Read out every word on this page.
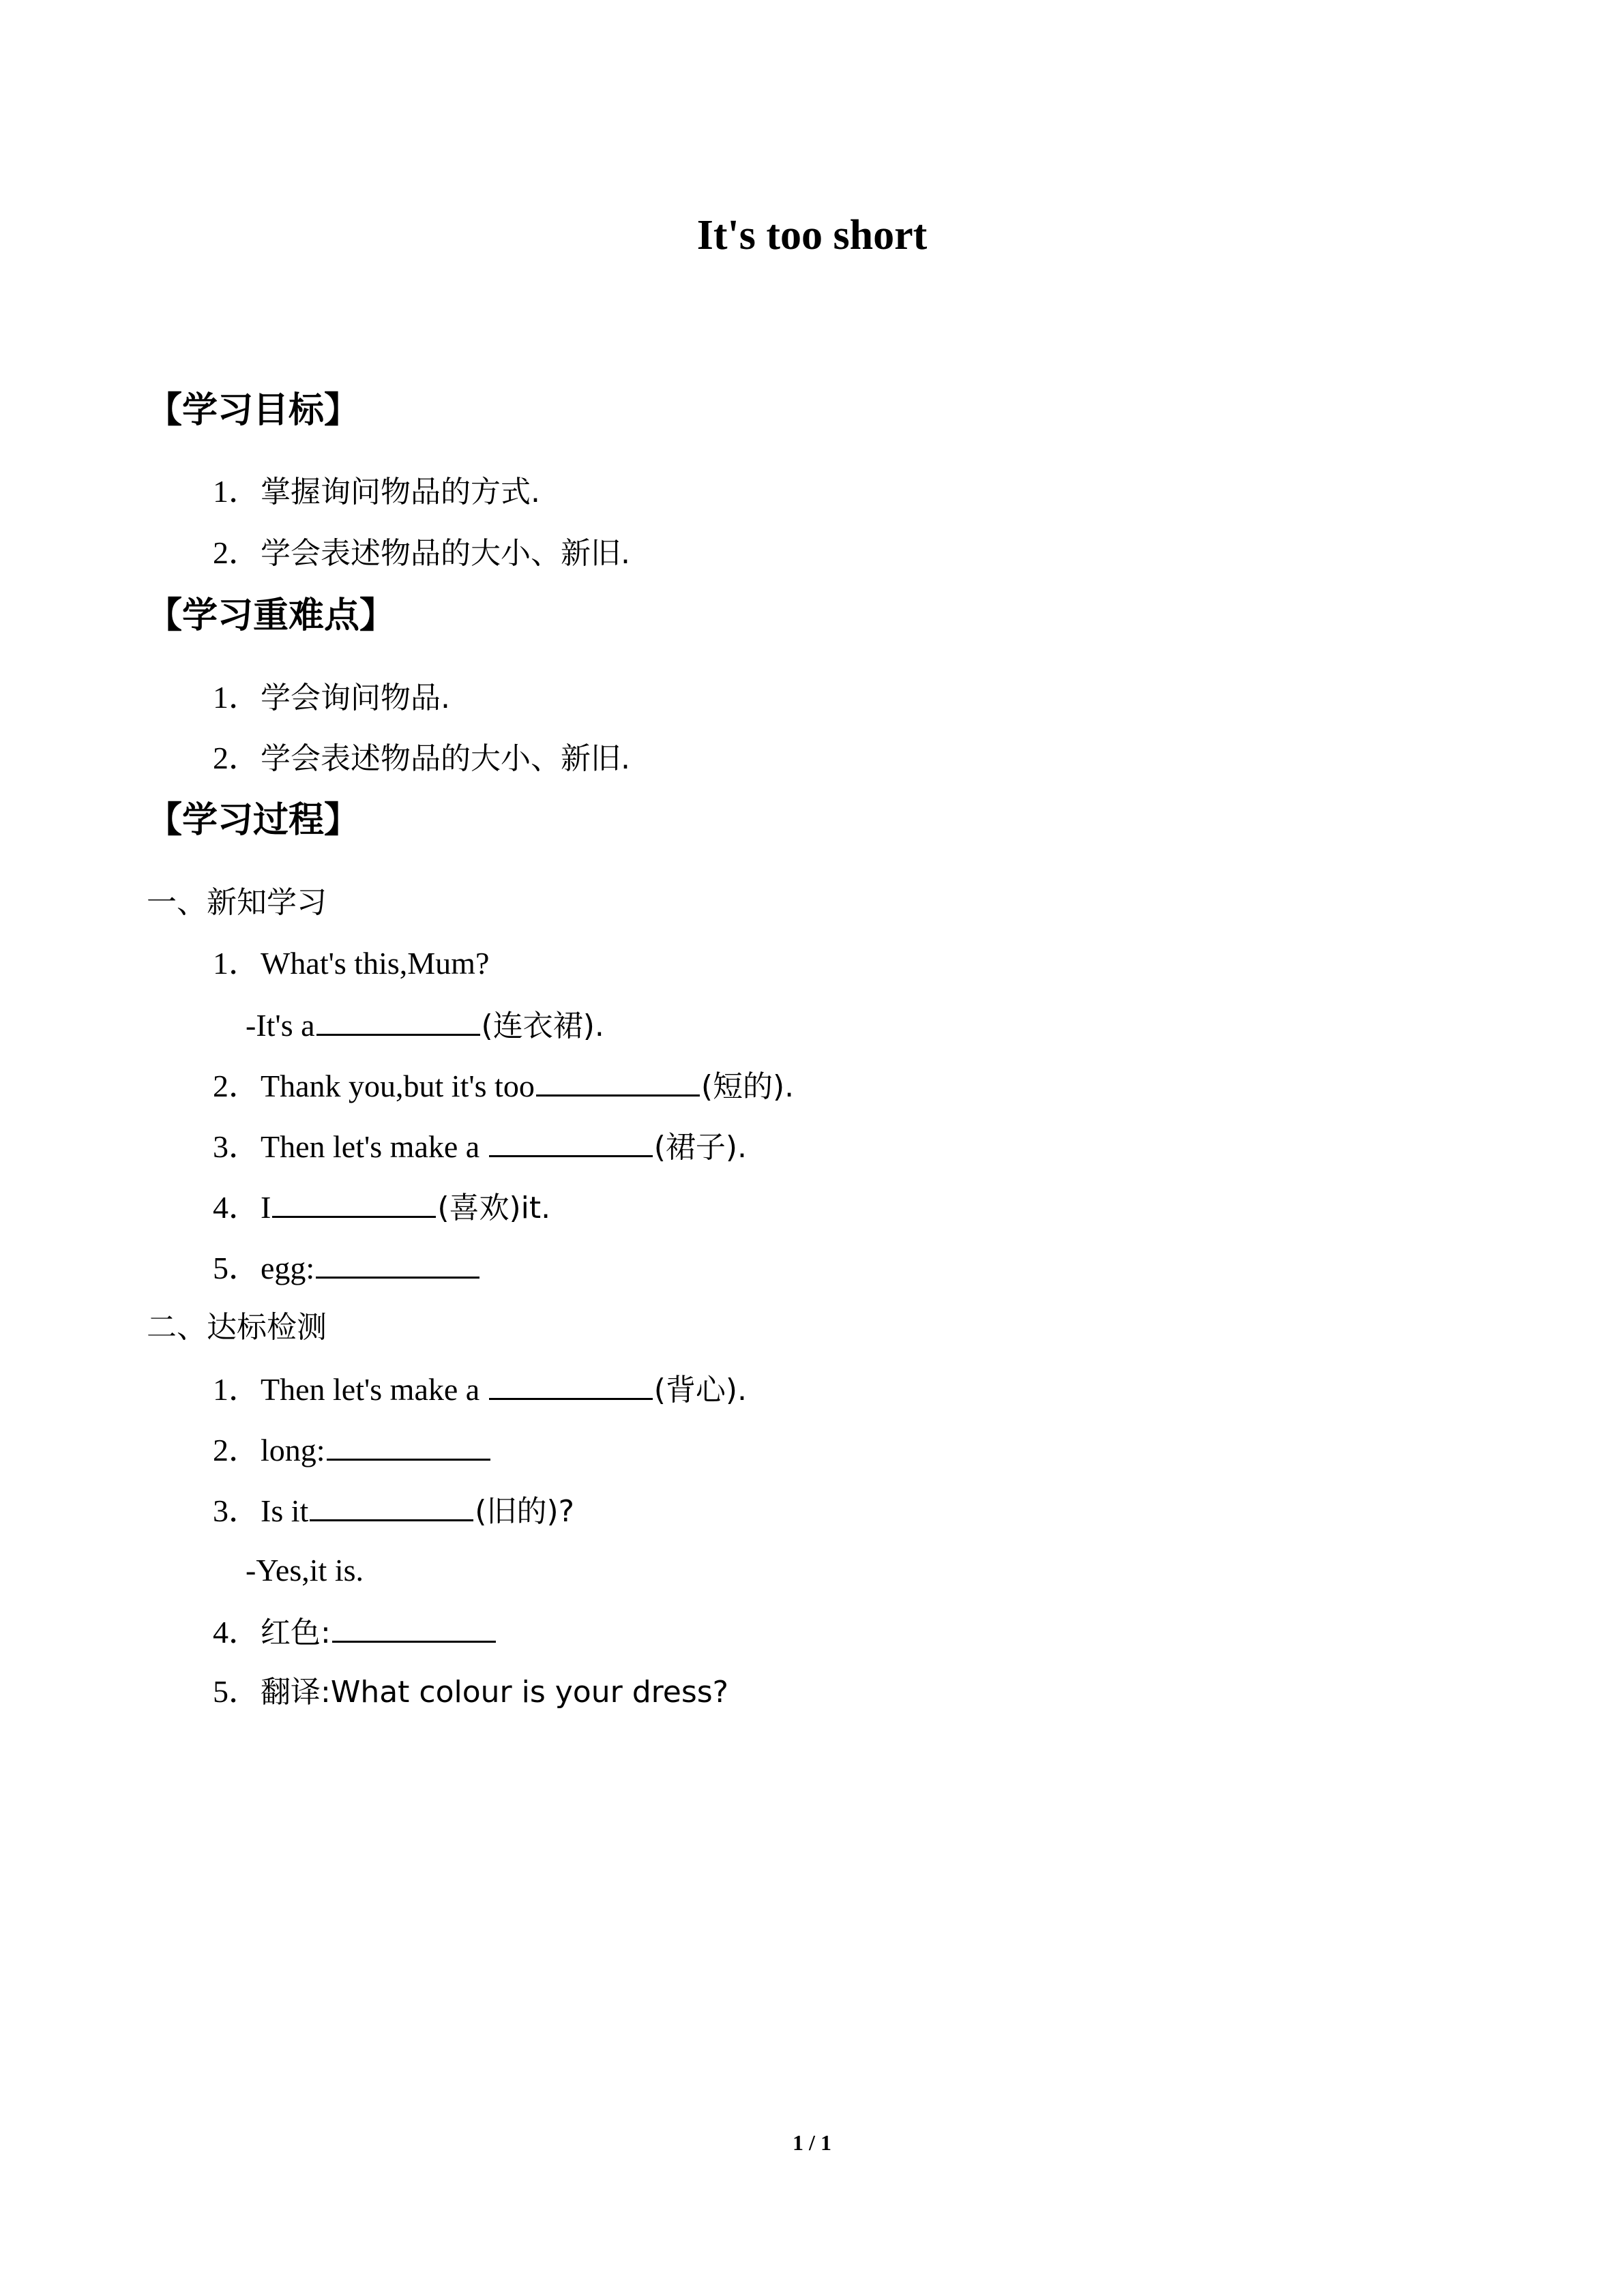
It's too short
【学习目标】
1．掌握询问物品的方式.
2．学会表述物品的大小、新旧.
【学习重难点】
1．学会询问物品.
2．学会表述物品的大小、新旧.
【学习过程】
一、新知学习
1．What's this,Mum?
-It's a	(连衣裙).
2．Thank you,but it's too	(短的).
3．Then let's make a	(裙子).
4．I	(喜欢)it.
5．egg:
二、达标检测
1．Then let's make a	(背心).
2．long:
3．Is it	(旧的)?
-Yes,it is.
4．红色:
5．翻译:What colour is your dress?
1 / 1
